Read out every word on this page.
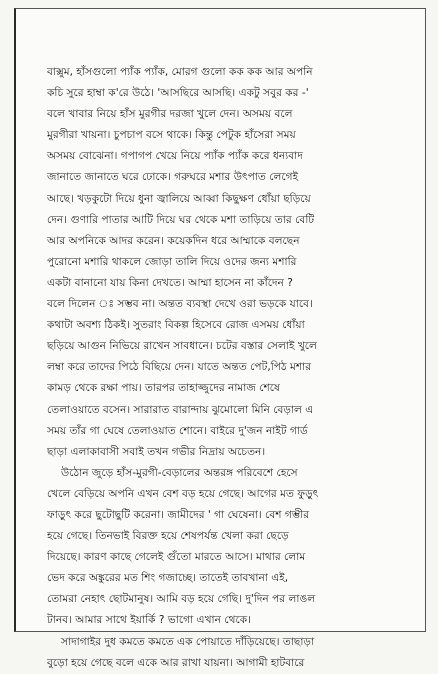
বাক্সুম, হাঁসগুলো প্যাঁক প্যাঁক, মোরগ গুলো কক কক আর অপনি
কচি সুরে হাম্বা ক'রে উঠে। 'আসছিরে আসছি। একটু সবুর কর -'
বলে খাবার নিয়ে হাঁস মুরগীর দরজা খুলে দেন। অসময় বলে
মুরগীরা খায়না। চুপচাপ বসে থাকে। কিন্তু পেটুক হাঁসেরা সময়
অসময় বোঝেনা। গপাগপ খেয়ে নিয়ে প্যাঁক প্যাঁক করে ধন্যবাদ
জানাতে জানাতে ঘরে ঢোকে। গরুঘরে মশার উৎপাত লেগেই
আছে। খড়কুটো দিয়ে ধুনা জ্বালিয়ে আব্বা কিছুক্ষণ ধোঁয়া ছড়িয়ে
দেন। গুণারি পাতার আটি দিয়ে ঘর থেকে মশা তাড়িয়ে তার বেটি
আর অপনিকে আদর করেন। কয়েকদিন ধরে আম্মাকে বলছেন
পুরোনো মশারি থাকলে জোড়া তালি দিয়ে ওদের জন্য মশারি
একটা বানানো যায় কিনা দেখতে। আম্মা হাসেন না কাঁদেন ?
বলে দিলেন ঃ সম্ভব না। অন্তত ব্যবস্থা দেখে ওরা ভড়কে যাবে।
কথাটা অবশ্য ঠিকই। সুতরাং বিকল্প হিসেবে রোজ এসময় ধোঁয়া
ছড়িয়ে আগুন নিভিয়ে রাখেন সাবধানে। চটের বস্তার সেলাই খুলে
লম্বা করে তাদের পিঠে বিছিয়ে দেন। যাতে অন্তত পেট,পিঠ মশার
কামড় থেকে রক্ষা পায়। তারপর তাহাজ্জুদের নামাজ শেষে
তেলাওয়াতে বসেন। সারারাত বারান্দায় ঝুমোলো মিনি বেড়াল এ
সময় তাঁর গা ঘেষে তেলাওয়াত শোনে। বাইরে দু'জন নাইট গার্ড
ছাড়া এলাকাবাসী সবাই তখন গভীর নিদ্রায় অচেতন।
উঠোন জুড়ে হাঁস-মুরগী-বেড়ালের অন্তরঙ্গ পরিবেশে হেসে
খেলে বেড়িয়ে অপনি এখন বেশ বড় হয়ে গেছে। আগের মত ফুড়ুৎ
ফাড়ুৎ করে ছুটোছুটি করেনা। জামীদের ' গা ঘেষেনা। বেশ গম্ভীর
হয়ে গেছে। তিনভাই বিরক্ত হয়ে শেষপর্যন্ত খেলা করা ছেড়ে
দিয়েছে। কারণ কাছে গেলেই গুঁতো মারতে আসে। মাথার লোম
ভেদ করে অঙ্কুরের মত শিং গজাচ্ছে। তাতেই তাবখানা এই,
তোমরা নেহাৎ ছোটমানুষ। আমি বড় হয়ে গেছি। দু'দিন পর লাঙল
টানব। আমার সাথে ইয়ার্কি ? ভাগো এখান থেকে।
সাদাগাইর দুধ কমতে কমতে এক পোয়াতে দাঁড়িয়েছে। তাছাড়া
বুড়ো হয়ে গেছে বলে একে আর রাখা যায়না। আগামী হাটবারে
